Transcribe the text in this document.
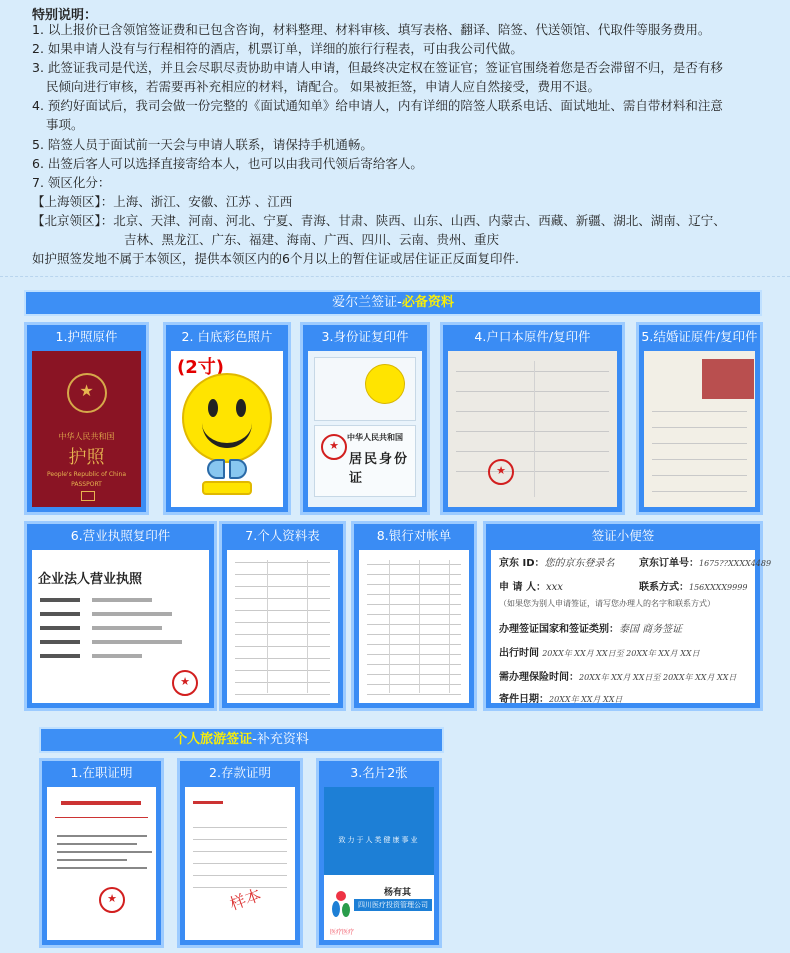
特别说明：
1. 以上报价已含领馆签证费和已包含咨询，材料整理、材料审核、填写表格、翻译、陪签、代送领馆、代取件等服务费用。
2. 如果申请人没有与行程相符的酒店，机票订单，详细的旅行行程表，可由我公司代做。
3. 此签证我司是代送，并且会尽职尽责协助申请人申请，但最终决定权在签证官；签证官围绕着您是否会滞留不归，是否有移
民倾向进行审核，若需要再补充相应的材料，请配合。 如果被拒签，申请人应自然接受，费用不退。
4. 预约好面试后，我司会做一份完整的《面试通知单》给申请人，内有详细的陪签人联系电话、面试地址、需自带材料和注意
事项。
5. 陪签人员于面试前一天会与申请人联系，请保持手机通畅。
6. 出签后客人可以选择直接寄给本人，也可以由我司代领后寄给客人。
7. 领区化分：
【上海领区】：上海、浙江、安徽、江苏 、江西
【北京领区】：北京、天津、河南、河北、宁夏、青海、甘肃、陕西、山东、山西、内蒙古、西藏、新疆、湖北、湖南、辽宁、
吉林、黑龙江、广东、福建、海南、广西、四川、云南、贵州、重庆
如护照签发地不属于本领区，提供本领区内的6个月以上的暂住证或居住证正反面复印件.
爱尔兰签证-必备资料
1.护照原件
★
中华人民共和国
护照
People's Republic of China
PASSPORT
2. 白底彩色照片
(2寸)
3.身份证复印件
★
中华人民共和国
居民身份证
4.户口本原件/复印件
★	5.结婚证原件/复印件
6.营业执照复印件
企业法人营业执照
★
7.个人资料表	8.银行对帐单	签证小便签
京东 ID：您的京东登录名	京东订单号：1675??XXXX4489
申 请 人：xxx	联系方式：156XXXX9999
（如果您为别人申请签证，请写您办理人的名字和联系方式）
办理签证国家和签证类别：泰国 商务签证
出行时间 20XX年 XX月 XX日至 20XX年 XX月 XX日
需办理保险时间：20XX年 XX月 XX日至 20XX年 XX月 XX日
寄件日期：20XX年 XX月 XX日
个人旅游签证-补充资料
1.在职证明
★	2.存款证明
样本
3.名片2张
致力于人类健康事业
杨有其
四川医疗投资管理公司
医疗医疗
